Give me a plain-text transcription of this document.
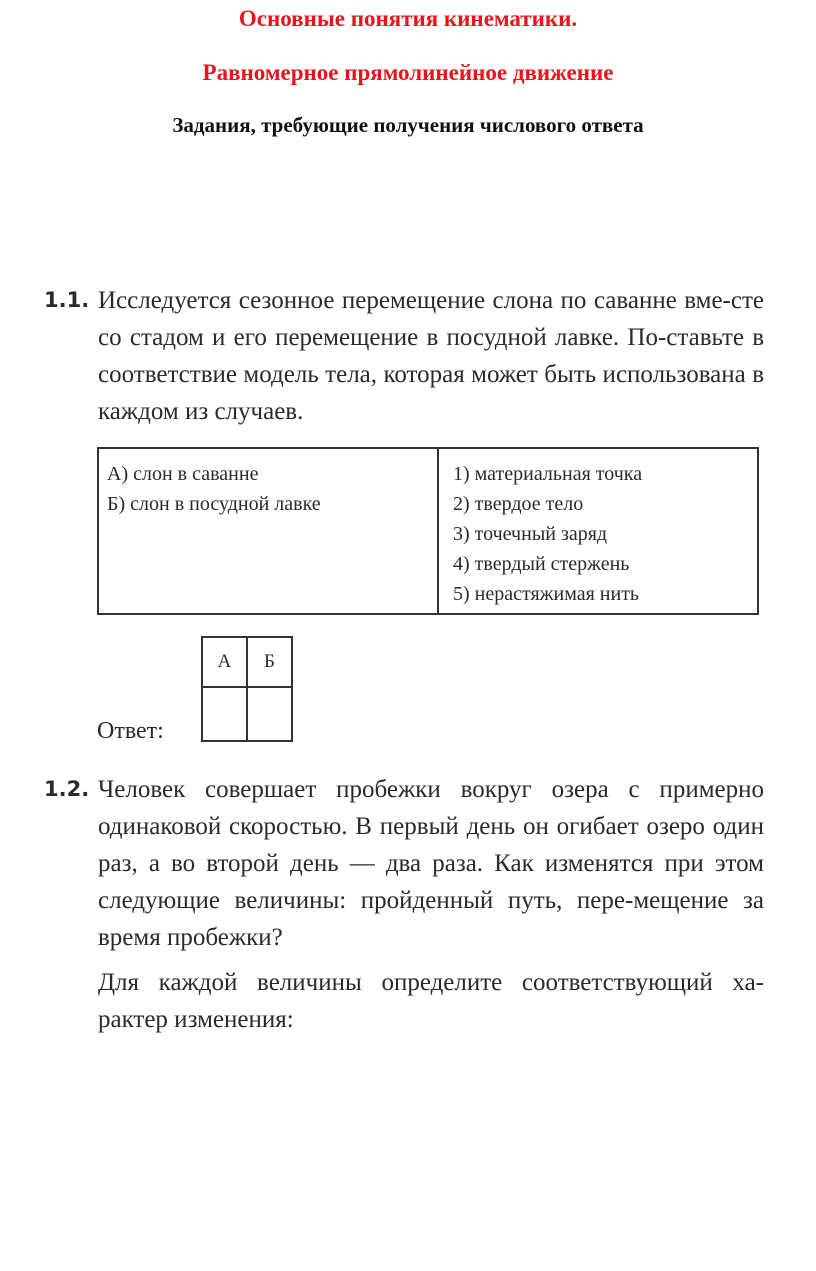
Основные понятия кинематики.
Равномерное прямолинейное движение
Задания, требующие получения числового ответа
1.1. Исследуется сезонное перемещение слона по саванне вме-сте со стадом и его перемещение в посудной лавке. По-ставьте в соответствие модель тела, которая может быть использована в каждом из случаев.

А) слон в саванне
Б) слон в посудной лавке
1) материальная точка
2) твердое тело
3) точечный заряд
4) твердый стержень
5) нерастяжимая нить
А	Б

Ответ:
1.2. Человек совершает пробежки вокруг озера с примерно одинаковой скоростью. В первый день он огибает озеро один раз, а во второй день — два раза. Как изменятся при этом следующие величины: пройденный путь, пере-мещение за время пробежки?

Для каждой величины определите соответствующий ха-рактер изменения:
